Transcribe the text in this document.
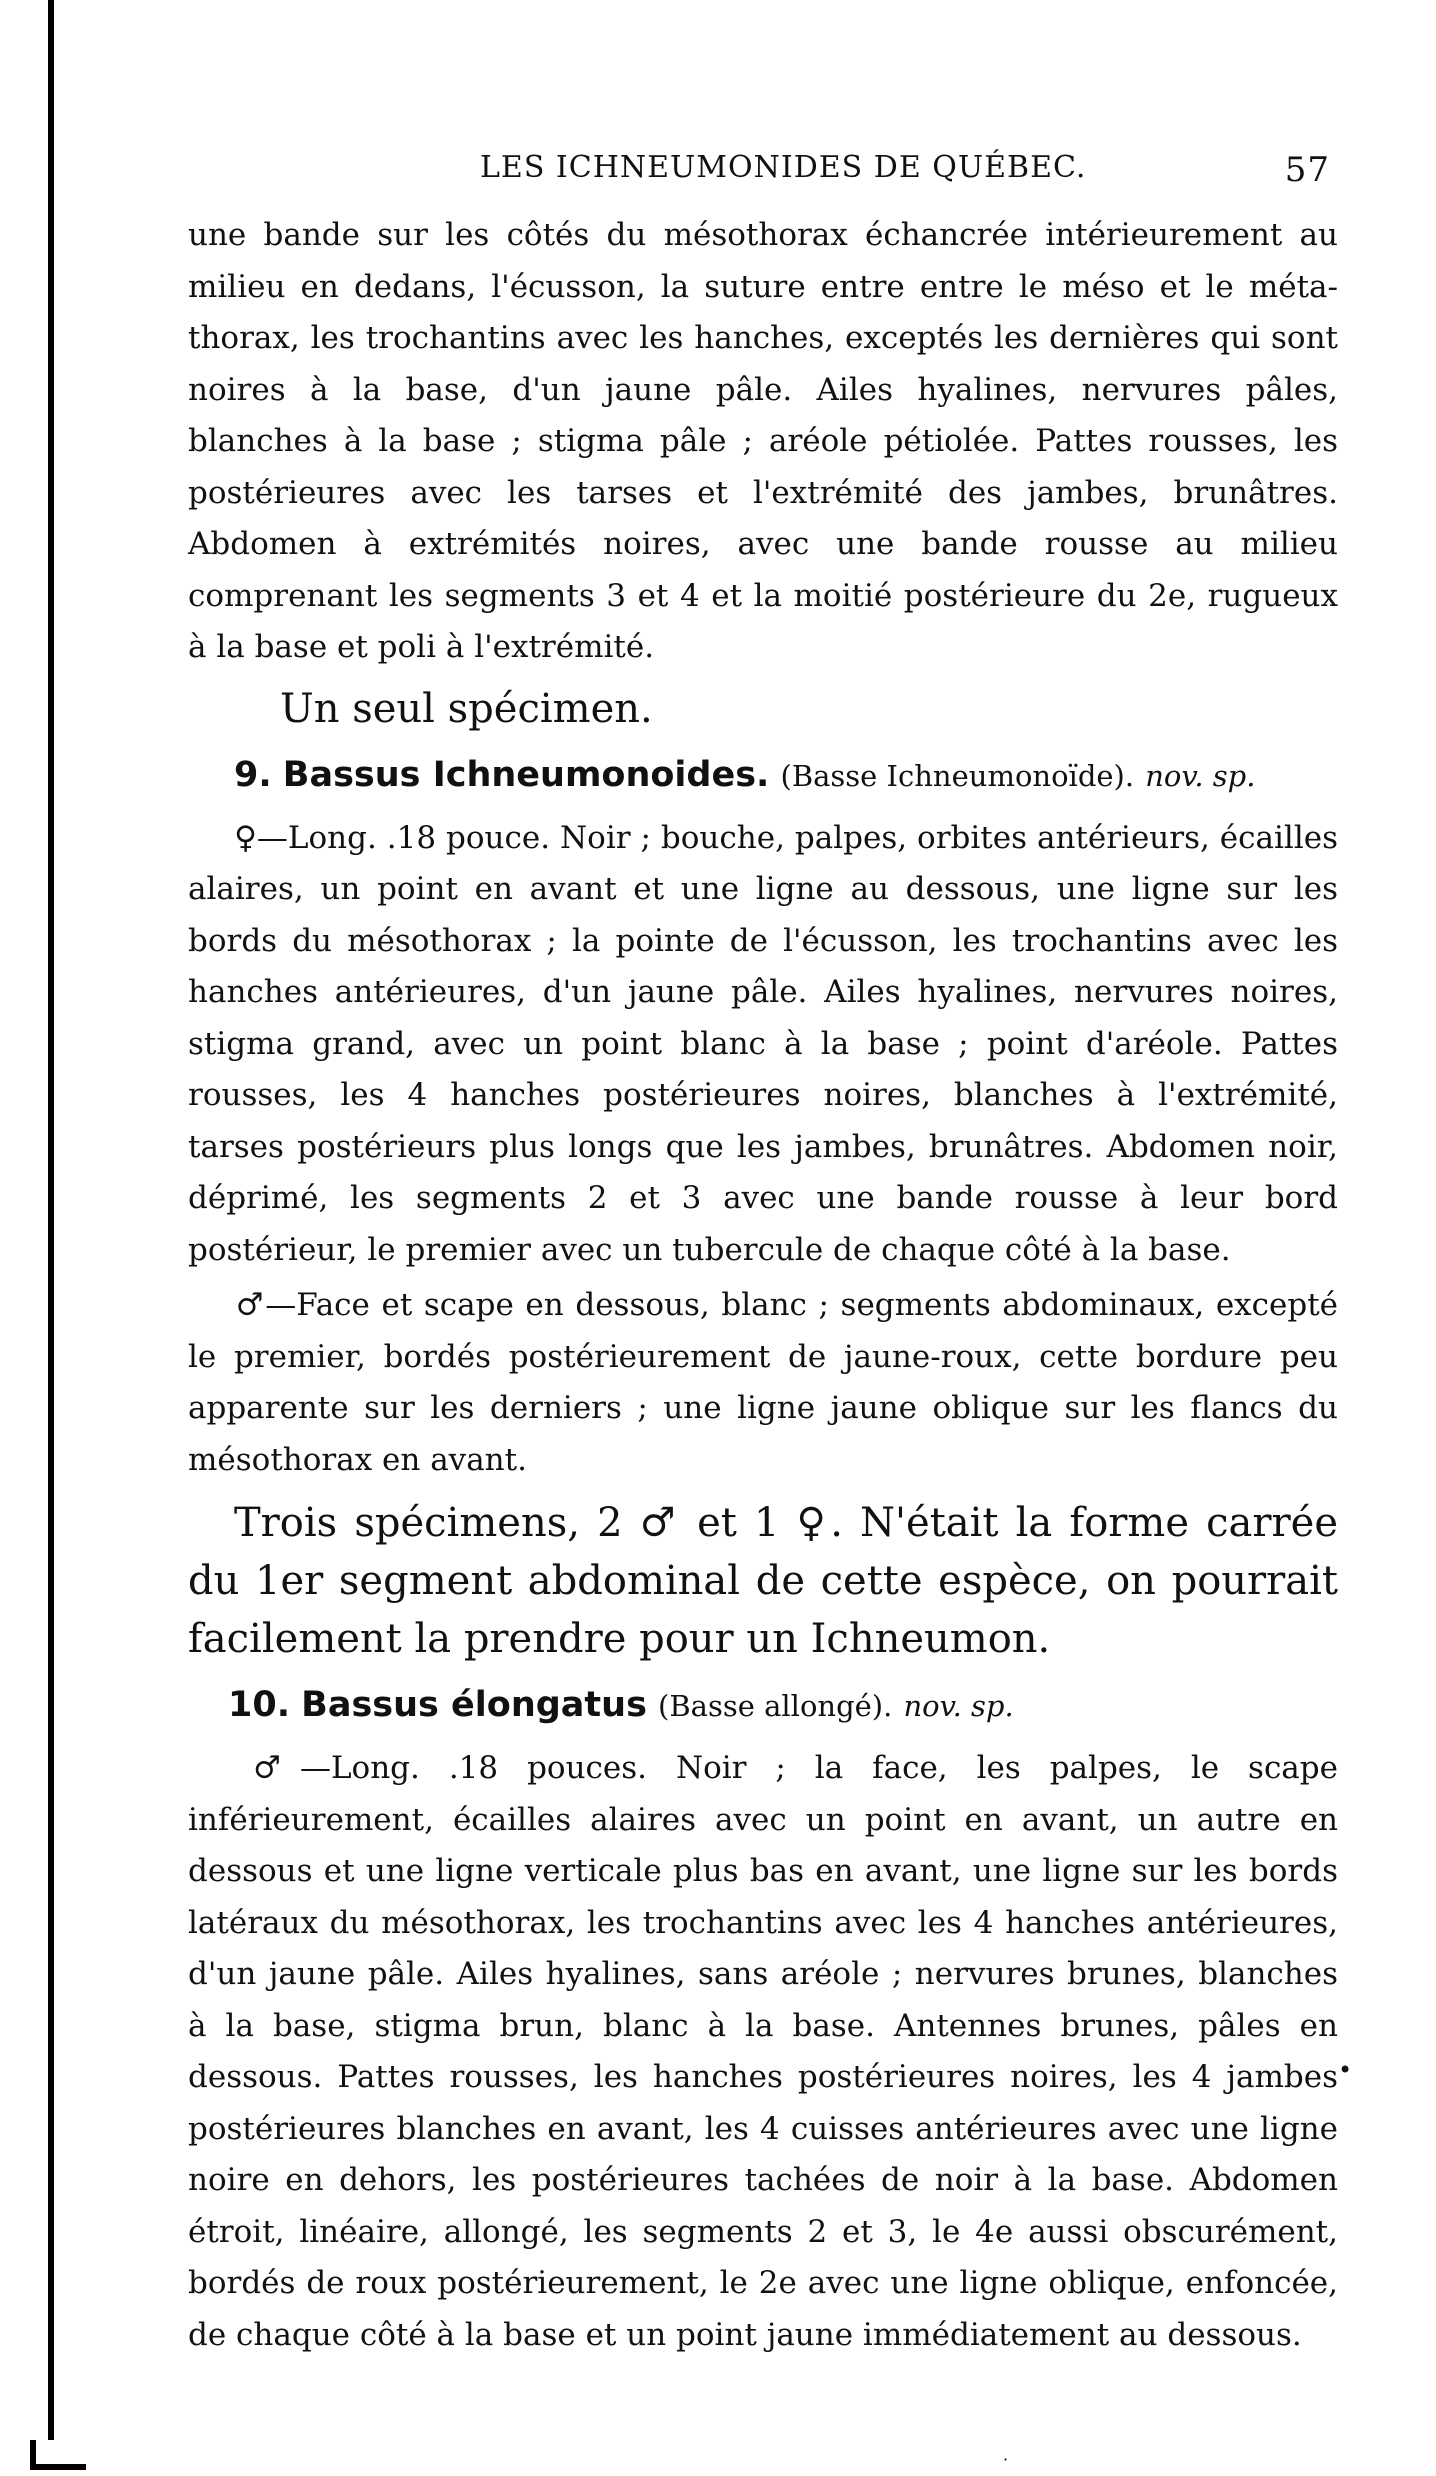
LES ICHNEUMONIDES DE QUÉBEC.	57

une bande sur les côtés du mésothorax échancrée intérieurement au milieu en dedans, l'écusson, la suture entre entre le méso et le méta-thorax, les trochantins avec les hanches, exceptés les dernières qui sont noires à la base, d'un jaune pâle. Ailes hyalines, nervures pâles, blanches à la base ; stigma pâle ; aréole pétiolée. Pattes rousses, les postérieures avec les tarses et l'extrémité des jambes, brunâtres. Abdomen à extrémités noires, avec une bande rousse au milieu comprenant les segments 3 et 4 et la moitié postérieure du 2e, rugueux à la base et poli à l'extrémité.

Un seul spécimen.

9. Bassus Ichneumonoides. (Basse Ichneumonoïde). nov. sp.

♀—Long. .18 pouce. Noir ; bouche, palpes, orbites antérieurs, écailles alaires, un point en avant et une ligne au dessous, une ligne sur les bords du mésothorax ; la pointe de l'écusson, les trochantins avec les hanches antérieures, d'un jaune pâle. Ailes hyalines, nervures noires, stigma grand, avec un point blanc à la base ; point d'aréole. Pattes rousses, les 4 hanches postérieures noires, blanches à l'extrémité, tarses postérieurs plus longs que les jambes, brunâtres. Abdomen noir, déprimé, les segments 2 et 3 avec une bande rousse à leur bord postérieur, le premier avec un tubercule de chaque côté à la base.

♂—Face et scape en dessous, blanc ; segments abdominaux, excepté le premier, bordés postérieurement de jaune-roux, cette bordure peu apparente sur les derniers ; une ligne jaune oblique sur les flancs du mésothorax en avant.

Trois spécimens, 2 ♂ et 1 ♀. N'était la forme carrée du 1er segment abdominal de cette espèce, on pourrait facilement la prendre pour un Ichneumon.

10. Bassus élongatus (Basse allongé). nov. sp.

♂—Long. .18 pouces. Noir ; la face, les palpes, le scape inférieurement, écailles alaires avec un point en avant, un autre en dessous et une ligne verticale plus bas en avant, une ligne sur les bords latéraux du mésothorax, les trochantins avec les 4 hanches antérieures, d'un jaune pâle. Ailes hyalines, sans aréole ; nervures brunes, blanches à la base, stigma brun, blanc à la base. Antennes brunes, pâles en dessous. Pattes rousses, les hanches postérieures noires, les 4 jambes postérieures blanches en avant, les 4 cuisses antérieures avec une ligne noire en dehors, les postérieures tachées de noir à la base. Abdomen étroit, linéaire, allongé, les segments 2 et 3, le 4e aussi obscurément, bordés de roux postérieurement, le 2e avec une ligne oblique, enfoncée, de chaque côté à la base et un point jaune immédiatement au dessous.

•
·
